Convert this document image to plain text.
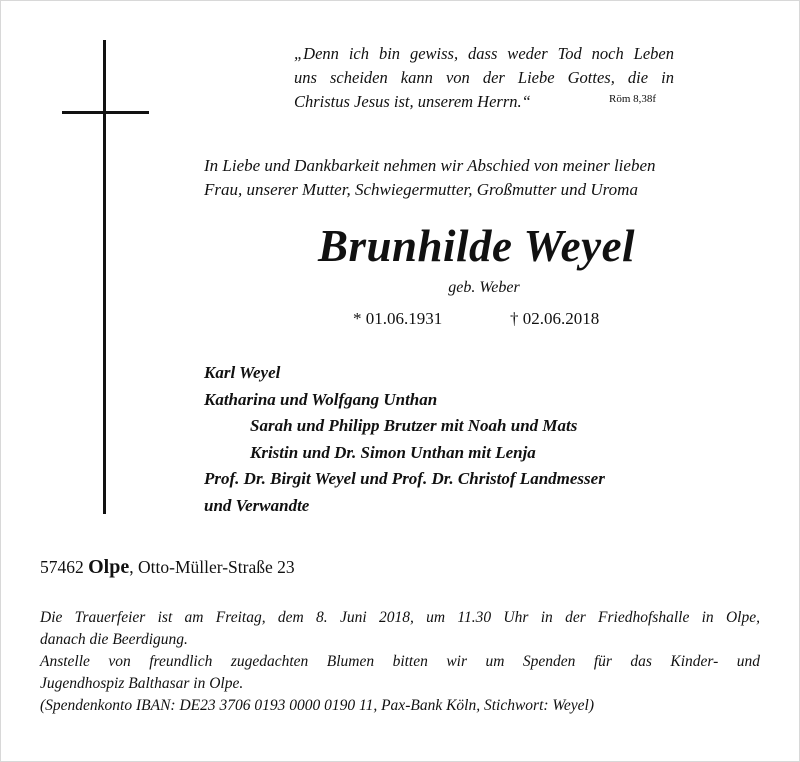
„Denn ich bin gewiss, dass weder Tod noch Leben
uns scheiden kann von der Liebe Gottes, die in
Christus Jesus ist, unserem Herrn.“	Röm 8,38f
In Liebe und Dankbarkeit nehmen wir Abschied von meiner lieben
Frau, unserer Mutter, Schwiegermutter, Großmutter und Uroma
Brunhilde Weyel
geb. Weber
* 01.06.1931	† 02.06.2018
Karl Weyel
Katharina und Wolfgang Unthan
Sarah und Philipp Brutzer mit Noah und Mats
Kristin und Dr. Simon Unthan mit Lenja
Prof. Dr. Birgit Weyel und Prof. Dr. Christof Landmesser
und Verwandte
57462 Olpe, Otto-Müller-Straße 23
Die Trauerfeier ist am Freitag, dem 8. Juni 2018, um 11.30 Uhr in der Friedhofshalle in Olpe,
danach die Beerdigung.
Anstelle von freundlich zugedachten Blumen bitten wir um Spenden für das Kinder- und
Jugendhospiz Balthasar in Olpe.
(Spendenkonto IBAN: DE23 3706 0193 0000 0190 11, Pax-Bank Köln, Stichwort: Weyel)
